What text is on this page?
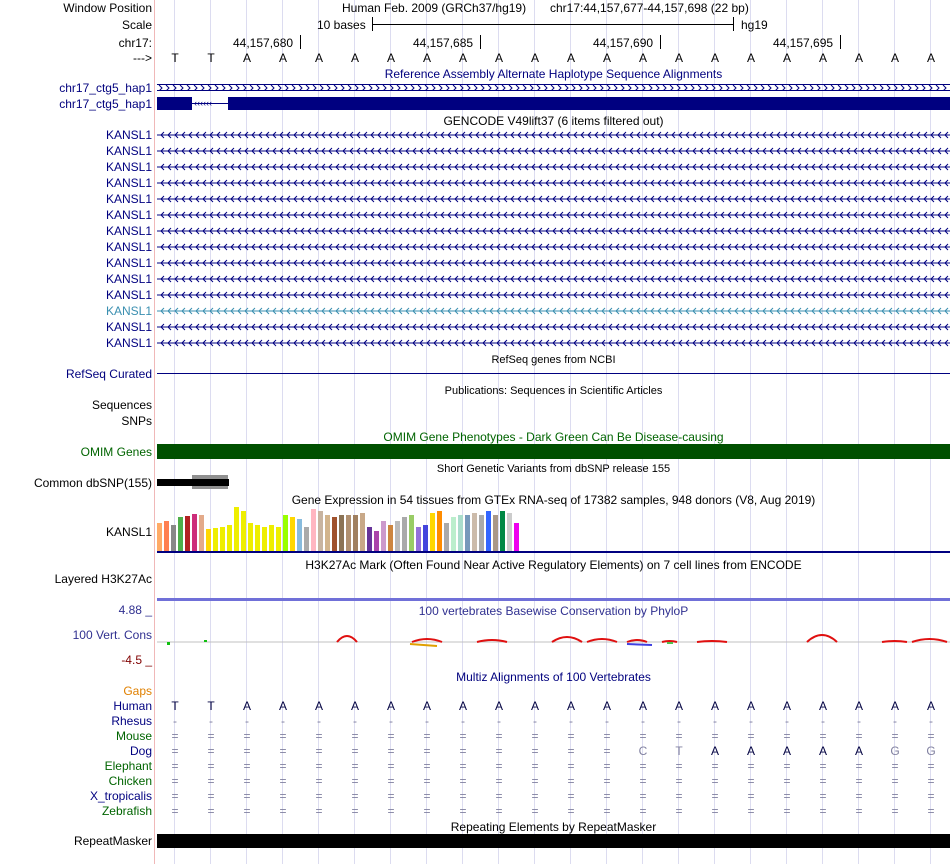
Window Position	Human Feb. 2009 (GRCh37/hg19) chr17:44,157,677-44,157,698 (22 bp)
Scale	10 bases	hg19
chr17:	44,157,680	44,157,685	44,157,690	44,157,695
---> T T A A A A A A A A A A A A A A A A A A A A
Reference Assembly Alternate Haplotype Sequence Alignments
chr17_ctg5_hap1
chr17_ctg5_hap1	‹‹‹‹‹‹
GENCODE V49lift37 (6 items filtered out)
KANSL1
KANSL1
KANSL1
KANSL1
KANSL1
KANSL1
KANSL1
KANSL1
KANSL1
KANSL1
KANSL1
KANSL1
KANSL1
KANSL1
RefSeq genes from NCBI
RefSeq Curated
Publications: Sequences in Scientific Articles
Sequences
SNPs
OMIM Gene Phenotypes - Dark Green Can Be Disease-causing
OMIM Genes
Short Genetic Variants from dbSNP release 155
Common dbSNP(155)
Gene Expression in 54 tissues from GTEx RNA-seq of 17382 samples, 948 donors (V8, Aug 2019)
KANSL1
H3K27Ac Mark (Often Found Near Active Regulatory Elements) on 7 cell lines from ENCODE
Layered H3K27Ac
100 vertebrates Basewise Conservation by PhyloP
4.88 _
100 Vert. Cons
-4.5 _
Multiz Alignments of 100 Vertebrates
Gaps
Human T T A A A A A A A A A A A A A A A A A A A A
Rhesus	-	-	-	-	-	-	-	-	-	-	-	-	-	-	-	-	-	-	-	-	-	-
Mouse = = = = = = = = = = = = = = = = = = = = = =
Dog = = = = = = = = = = = = = C T A A A A A G G
Elephant = = = = = = = = = = = = = = = = = = = = = =
Chicken = = = = = = = = = = = = = = = = = = = = = =
X_tropicalis = = = = = = = = = = = = = = = = = = = = = =
Zebrafish = = = = = = = = = = = = = = = = = = = = = =
RepeatMasker
Repeating Elements by RepeatMasker
